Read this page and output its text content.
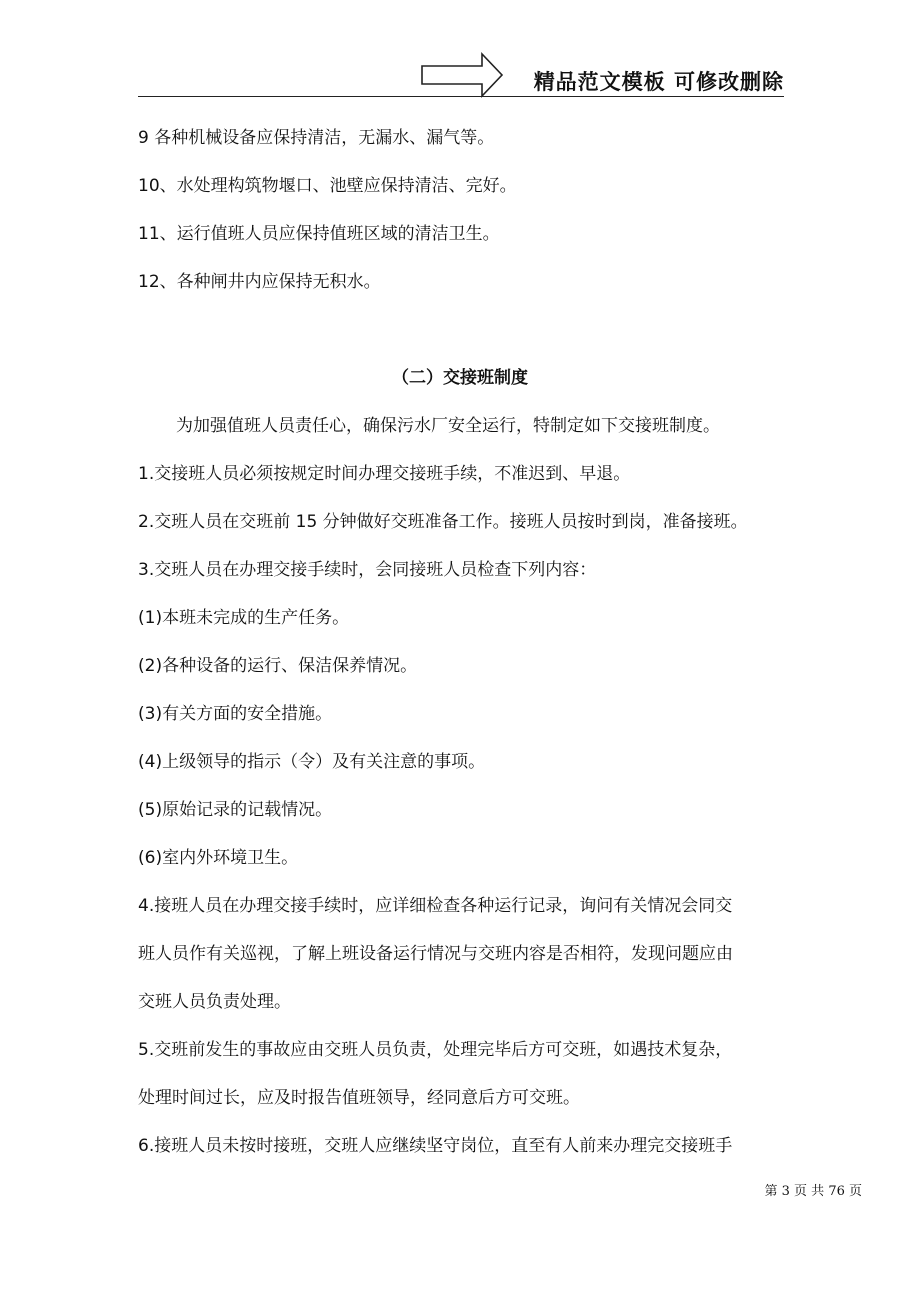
精品范文模板 可修改删除
9 各种机械设备应保持清洁，无漏水、漏气等。
10、水处理构筑物堰口、池壁应保持清洁、完好。
11、运行值班人员应保持值班区域的清洁卫生。
12、各种闸井内应保持无积水。
（二）交接班制度
为加强值班人员责任心，确保污水厂安全运行，特制定如下交接班制度。
1.交接班人员必须按规定时间办理交接班手续，不准迟到、早退。
2.交班人员在交班前 15 分钟做好交班准备工作。接班人员按时到岗，准备接班。
3.交班人员在办理交接手续时，会同接班人员检查下列内容：
(1)本班未完成的生产任务。
(2)各种设备的运行、保洁保养情况。
(3)有关方面的安全措施。
(4)上级领导的指示（令）及有关注意的事项。
(5)原始记录的记载情况。
(6)室内外环境卫生。
4.接班人员在办理交接手续时，应详细检查各种运行记录，询问有关情况会同交
班人员作有关巡视，了解上班设备运行情况与交班内容是否相符，发现问题应由
交班人员负责处理。
5.交班前发生的事故应由交班人员负责，处理完毕后方可交班，如遇技术复杂，
处理时间过长，应及时报告值班领导，经同意后方可交班。
6.接班人员未按时接班，交班人应继续坚守岗位，直至有人前来办理完交接班手
第 3 页 共 76 页
